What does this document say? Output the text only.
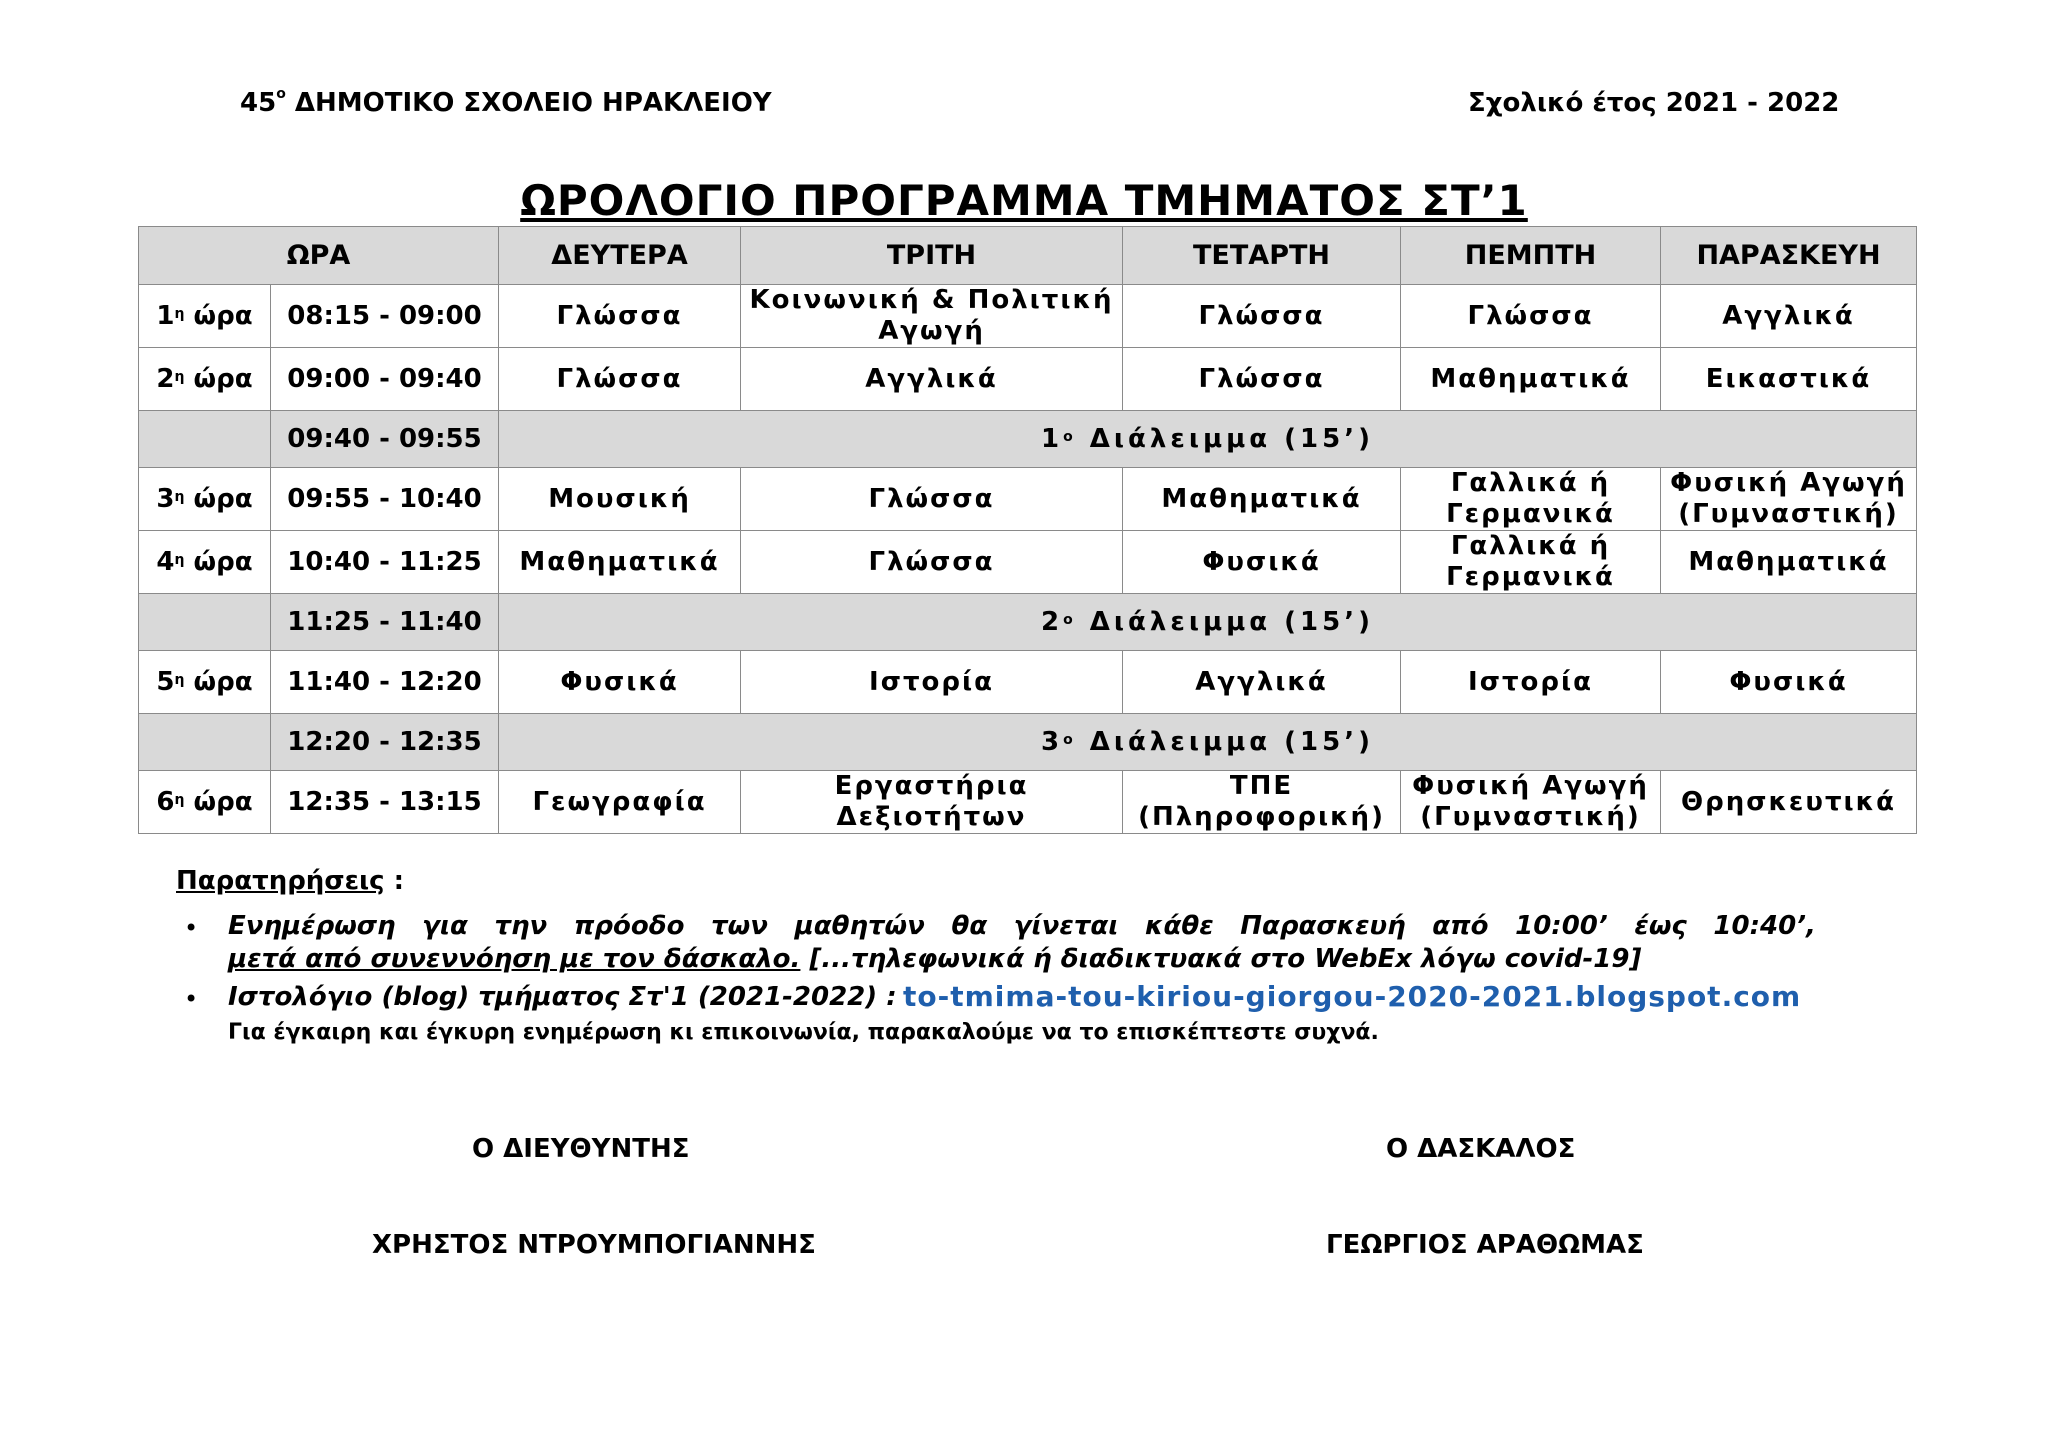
$45^o$ ΔΗΜΟΤΙΚΟ ΣΧΟΛΕΙΟ ΗΡΑΚΛΕΙΟΥ	Σχολικό έτος 2021 - 2022
ΩΡΟΛΟΓΙΟ ΠΡΟΓΡΑΜΜΑ ΤΜΗΜΑΤΟΣ ΣΤ’1
ΩΡΑ		ΔΕΥΤΕΡΑ	ΤΡΙΤΗ	ΤΕΤΑΡΤΗ	ΠΕΜΠΤΗ	ΠΑΡΑΣΚΕΥΗ
$1^\eta$ ώρα	08:15 - 09:00	Γλώσσα	Κοινωνική & Πολιτική Αγωγή	Γλώσσα	Γλώσσα	Αγγλικά
$2^\eta$ ώρα	09:00 - 09:40	Γλώσσα	Αγγλικά	Γλώσσα	Μαθηματικά	Εικαστικά
	09:40 - 09:55	$1^o$ Διάλειμμα (15’)				
$3^\eta$ ώρα	09:55 - 10:40	Μουσική	Γλώσσα	Μαθηματικά	Γαλλικά ή Γερμανικά	Φυσική Αγωγή (Γυμναστική)
$4^\eta$ ώρα	10:40 - 11:25	Μαθηματικά	Γλώσσα	Φυσικά	Γαλλικά ή Γερμανικά	Μαθηματικά
	11:25 - 11:40	$2^o$ Διάλειμμα (15’)				
$5^\eta$ ώρα	11:40 - 12:20	Φυσικά	Ιστορία	Αγγλικά	Ιστορία	Φυσικά
	12:20 - 12:35	$3^o$ Διάλειμμα (15’)				
$6^\eta$ ώρα	12:35 - 13:15	Γεωγραφία	Εργαστήρια Δεξιοτήτων	ΤΠΕ (Πληροφορική)	Φυσική Αγωγή (Γυμναστική)	Θρησκευτικά
Παρατηρήσεις :
• Ενημέρωση για την πρόοδο των μαθητών θα γίνεται κάθε Παρασκευή από 10:00’ έως 10:40’,
μετά από συνεννόηση με τον δάσκαλο. [...τηλεφωνικά ή διαδικτυακά στο WebEx λόγω covid-19]
• Ιστολόγιο (blog) τμήματος Στ'1 (2021-2022) : to-tmima-tou-kiriou-giorgou-2020-2021.blogspot.com
Για έγκαιρη και έγκυρη ενημέρωση κι επικοινωνία, παρακαλούμε να το επισκέπτεστε συχνά.
Ο ΔΙΕΥΘΥΝΤΗΣ	Ο ΔΑΣΚΑΛΟΣ
ΧΡΗΣΤΟΣ ΝΤΡΟΥΜΠΟΓΙΑΝΝΗΣ	ΓΕΩΡΓΙΟΣ ΑΡΑΘΩΜΑΣ
